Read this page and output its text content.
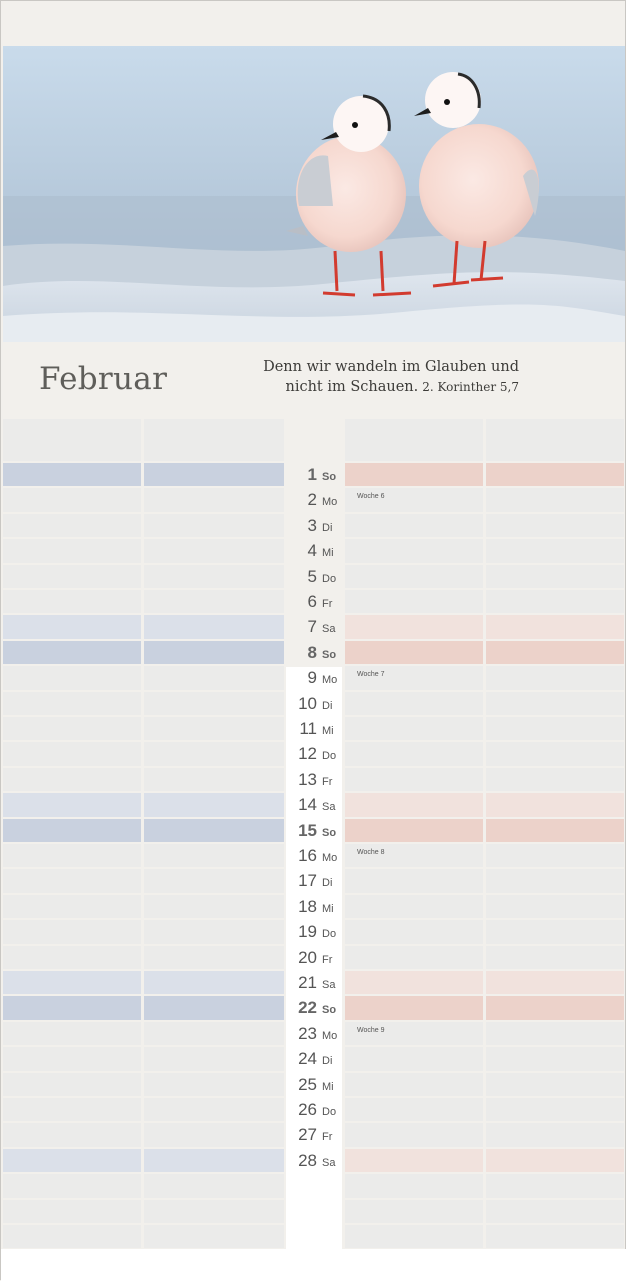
Februar	Denn wir wandeln im Glauben und
nicht im Schauen. 2. Korinther 5,7
1 So
2 Mo	Woche 6
3 Di
4 Mi
5 Do
6 Fr
7 Sa
8 So
9 Mo	Woche 7
10 Di
11 Mi
12 Do
13 Fr
14 Sa
15 So
16 Mo	Woche 8
17 Di
18 Mi
19 Do
20 Fr
21 Sa
22 So
23 Mo	Woche 9
24 Di
25 Mi
26 Do
27 Fr
28 Sa
